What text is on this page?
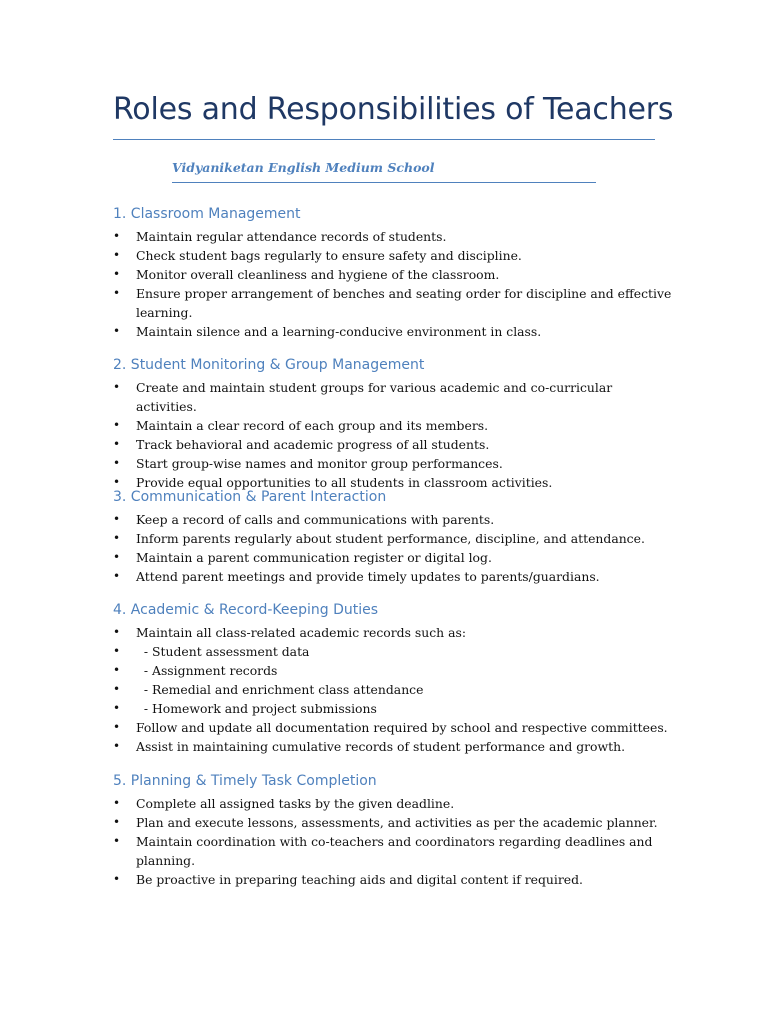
Roles and Responsibilities of Teachers
Vidyaniketan English Medium School
1. Classroom Management
• Maintain regular attendance records of students.
• Check student bags regularly to ensure safety and discipline.
• Monitor overall cleanliness and hygiene of the classroom.
• Ensure proper arrangement of benches and seating order for discipline and effective learning.
• Maintain silence and a learning-conducive environment in class.
2. Student Monitoring & Group Management
• Create and maintain student groups for various academic and co-curricular activities.
• Maintain a clear record of each group and its members.
• Track behavioral and academic progress of all students.
• Start group-wise names and monitor group performances.
• Provide equal opportunities to all students in classroom activities.
3. Communication & Parent Interaction
• Keep a record of calls and communications with parents.
• Inform parents regularly about student performance, discipline, and attendance.
• Maintain a parent communication register or digital log.
• Attend parent meetings and provide timely updates to parents/guardians.
4. Academic & Record-Keeping Duties
• Maintain all class-related academic records such as:
• - Student assessment data
• - Assignment records
• - Remedial and enrichment class attendance
• - Homework and project submissions
• Follow and update all documentation required by school and respective committees.
• Assist in maintaining cumulative records of student performance and growth.
5. Planning & Timely Task Completion
• Complete all assigned tasks by the given deadline.
• Plan and execute lessons, assessments, and activities as per the academic planner.
• Maintain coordination with co-teachers and coordinators regarding deadlines and planning.
• Be proactive in preparing teaching aids and digital content if required.
